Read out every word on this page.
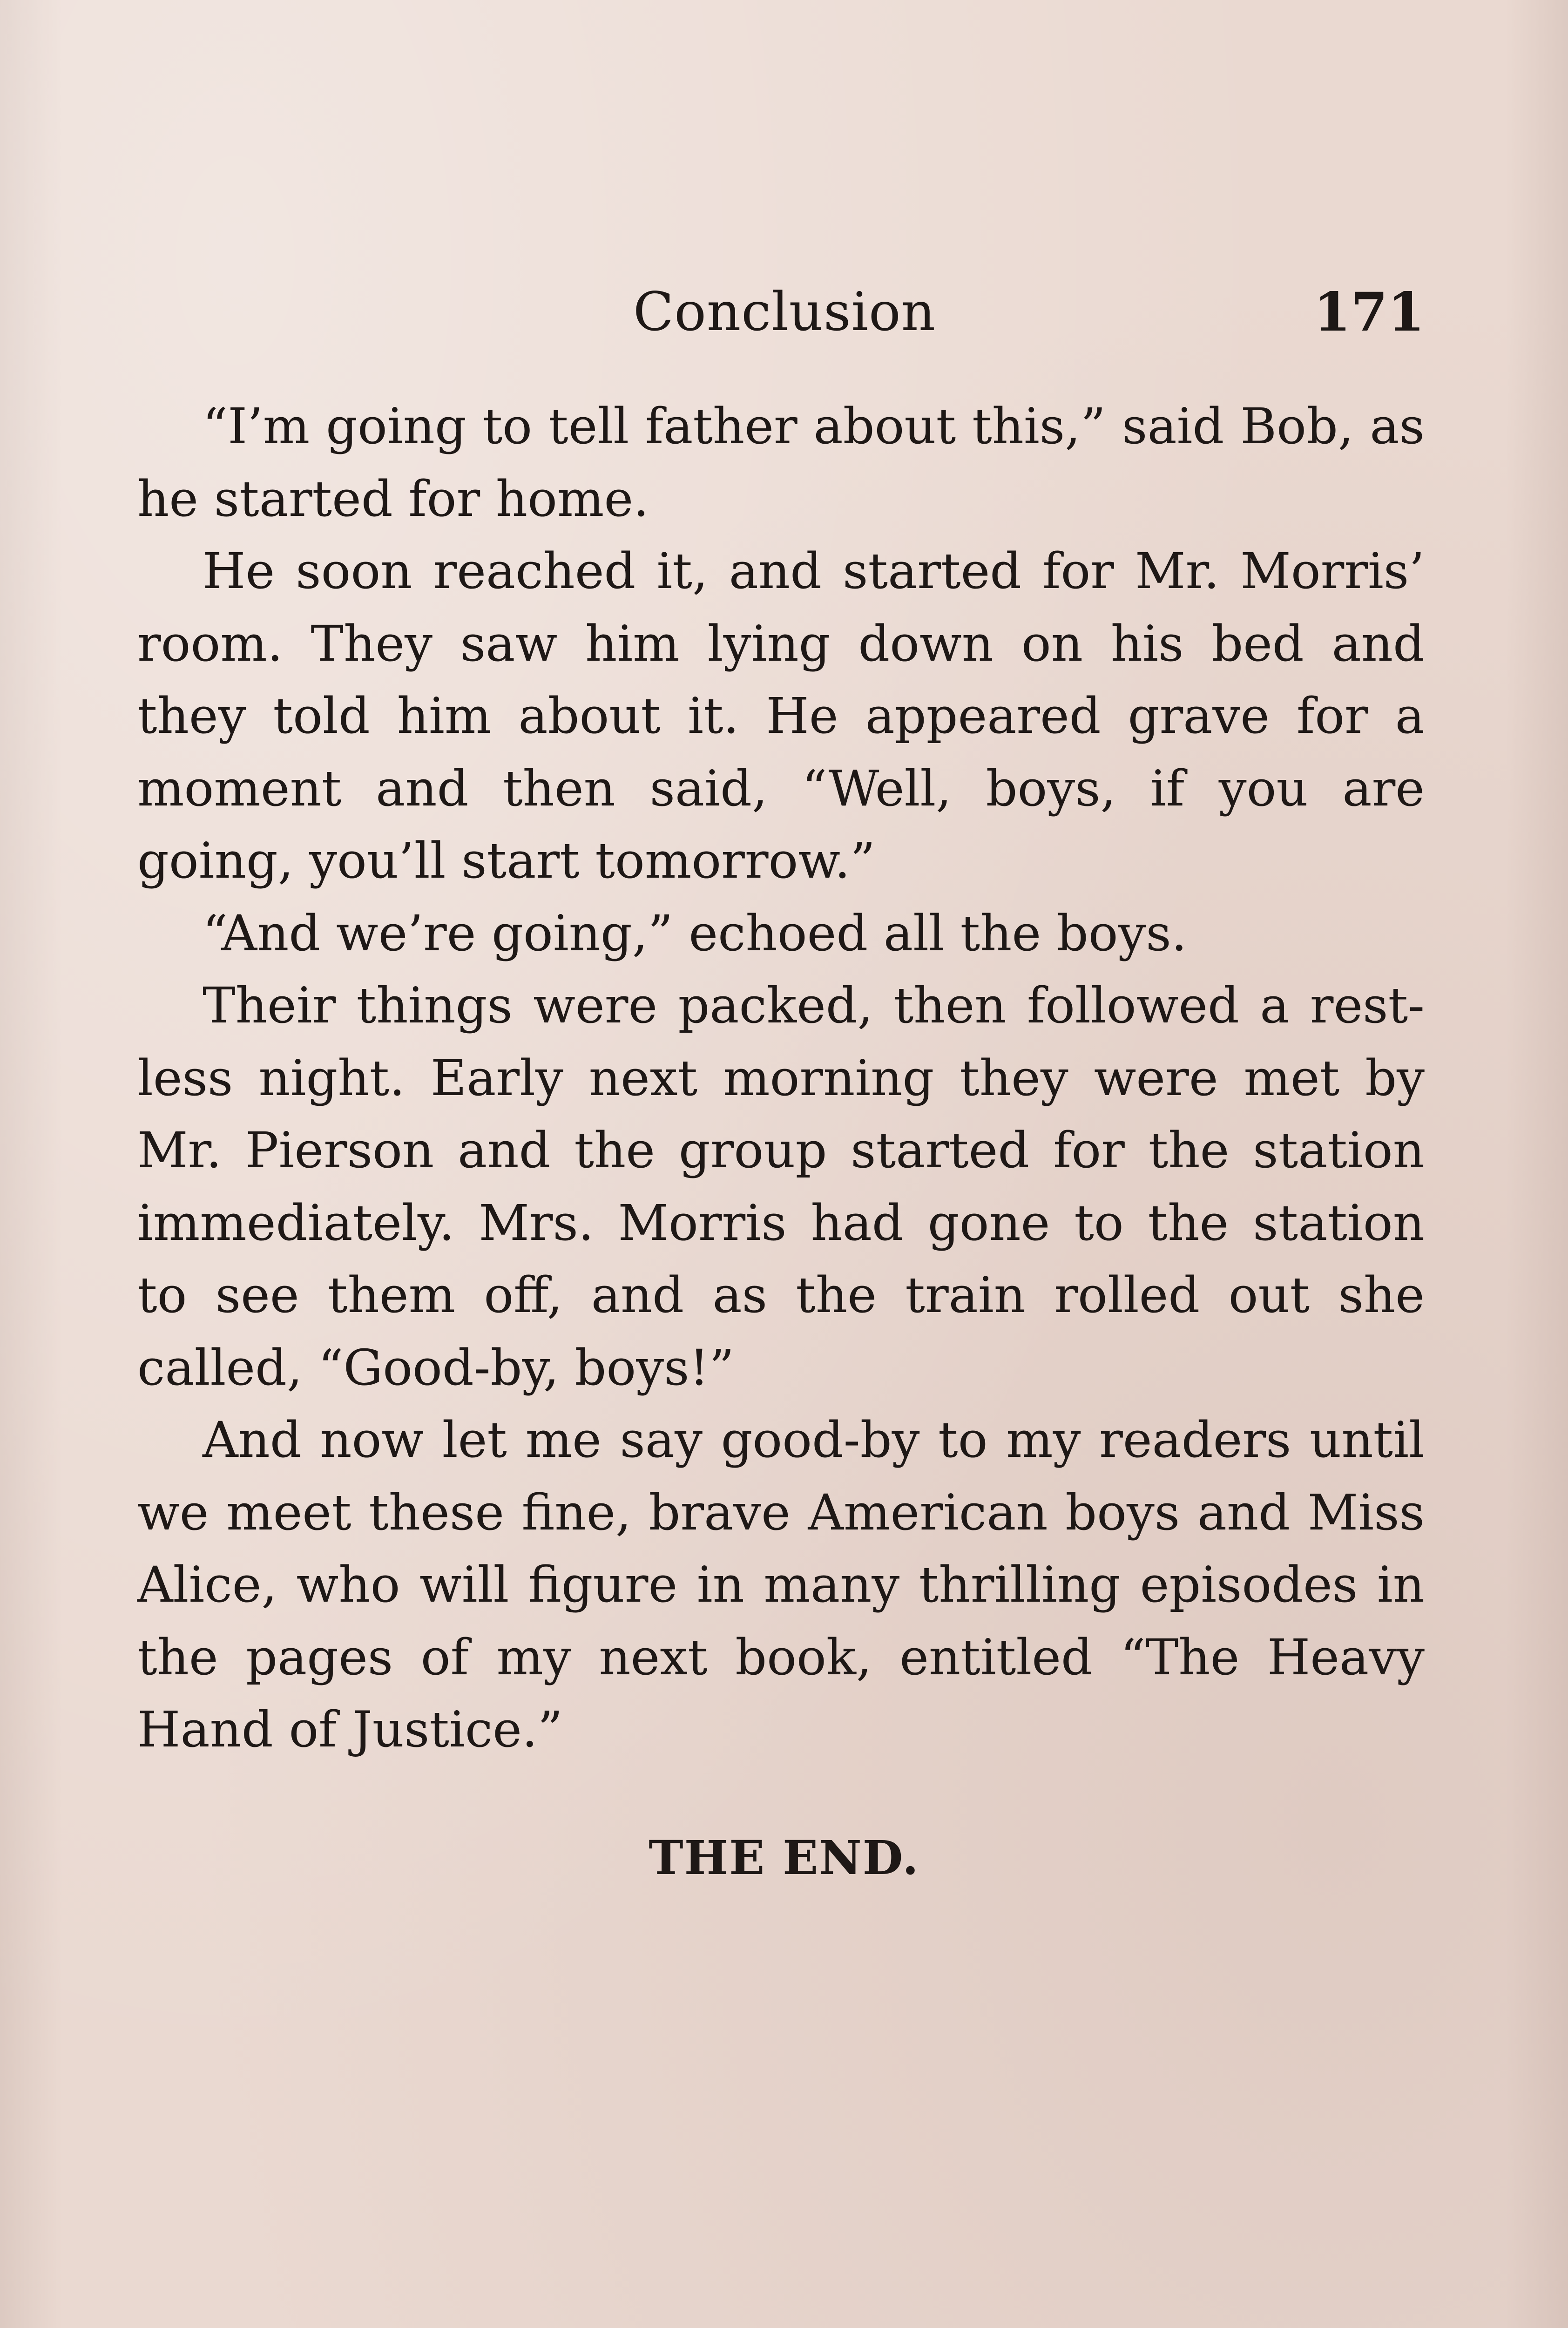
Conclusion	171

“I’m going to tell father about this,” said Bob, as he started for home.

He soon reached it, and started for Mr. Morris’ room. They saw him lying down on his bed and they told him about it. He appeared grave for a moment and then said, “Well, boys, if you are going, you’ll start tomorrow.”

“And we’re going,” echoed all the boys.

Their things were packed, then followed a rest-less night. Early next morning they were met by Mr. Pierson and the group started for the station immediately. Mrs. Morris had gone to the station to see them off, and as the train rolled out she called, “Good-by, boys!”

And now let me say good-by to my readers until we meet these fine, brave American boys and Miss Alice, who will figure in many thrilling episodes in the pages of my next book, entitled “The Heavy Hand of Justice.”

THE END.
